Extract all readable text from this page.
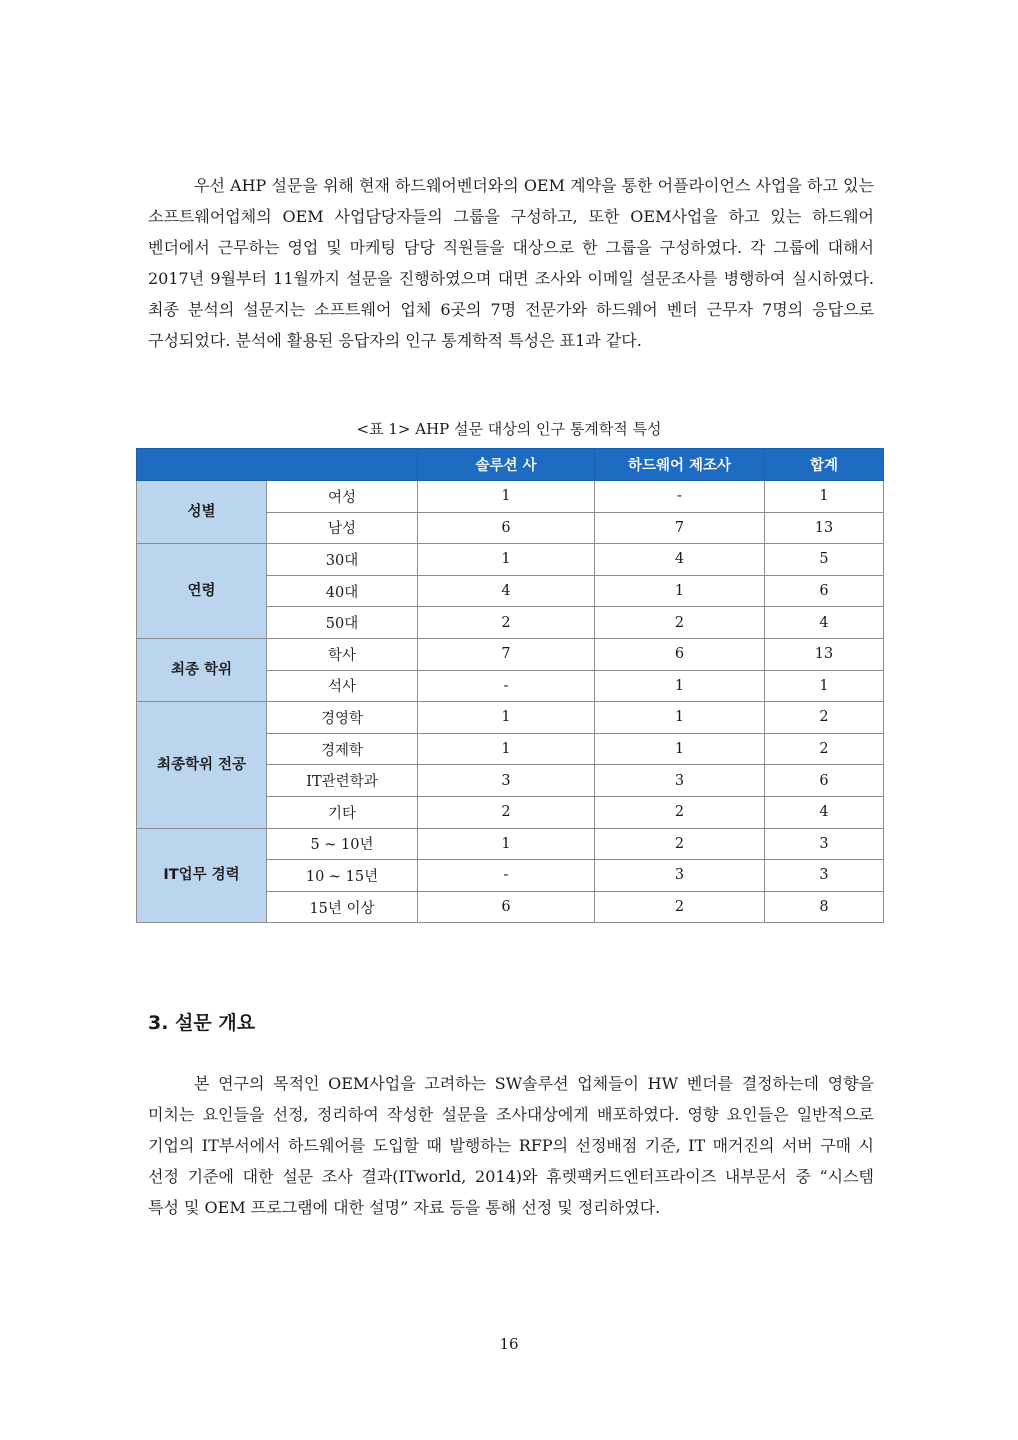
우선 AHP 설문을 위해 현재 하드웨어벤더와의 OEM 계약을 통한 어플라이언스 사업을 하고 있는 소프트웨어업체의 OEM 사업담당자들의 그룹을 구성하고, 또한 OEM사업을 하고 있는 하드웨어 벤더에서 근무하는 영업 및 마케팅 담당 직원들을 대상으로 한 그룹을 구성하였다. 각 그룹에 대해서 2017년 9월부터 11월까지 설문을 진행하였으며 대면 조사와 이메일 설문조사를 병행하여 실시하였다. 최종 분석의 설문지는 소프트웨어 업체 6곳의 7명 전문가와 하드웨어 벤더 근무자 7명의 응답으로 구성되었다. 분석에 활용된 응답자의 인구 통계학적 특성은 표1과 같다.

<표 1> AHP 설문 대상의 인구 통계학적 특성
		솔루션 사	하드웨어 제조사	합계
성별	여성	1	-	1
	남성	6	7	13
연령	30대	1	4	5
	40대	4	1	6
	50대	2	2	4
최종 학위	학사	7	6	13
	석사	-	1	1
최종학위 전공	경영학	1	1	2
	경제학	1	1	2
	IT관련학과	3	3	6
	기타	2	2	4
IT업무 경력	5 ~ 10년	1	2	3
	10 ~ 15년	-	3	3
	15년 이상	6	2	8
3. 설문 개요

본 연구의 목적인 OEM사업을 고려하는 SW솔루션 업체들이 HW 벤더를 결정하는데 영향을 미치는 요인들을 선정, 정리하여 작성한 설문을 조사대상에게 배포하였다. 영향 요인들은 일반적으로 기업의 IT부서에서 하드웨어를 도입할 때 발행하는 RFP의 선정배점 기준, IT 매거진의 서버 구매 시 선정 기준에 대한 설문 조사 결과(ITworld, 2014)와 휴렛팩커드엔터프라이즈 내부문서 중 “시스템 특성 및 OEM 프로그램에 대한 설명” 자료 등을 통해 선정 및 정리하였다.

16
